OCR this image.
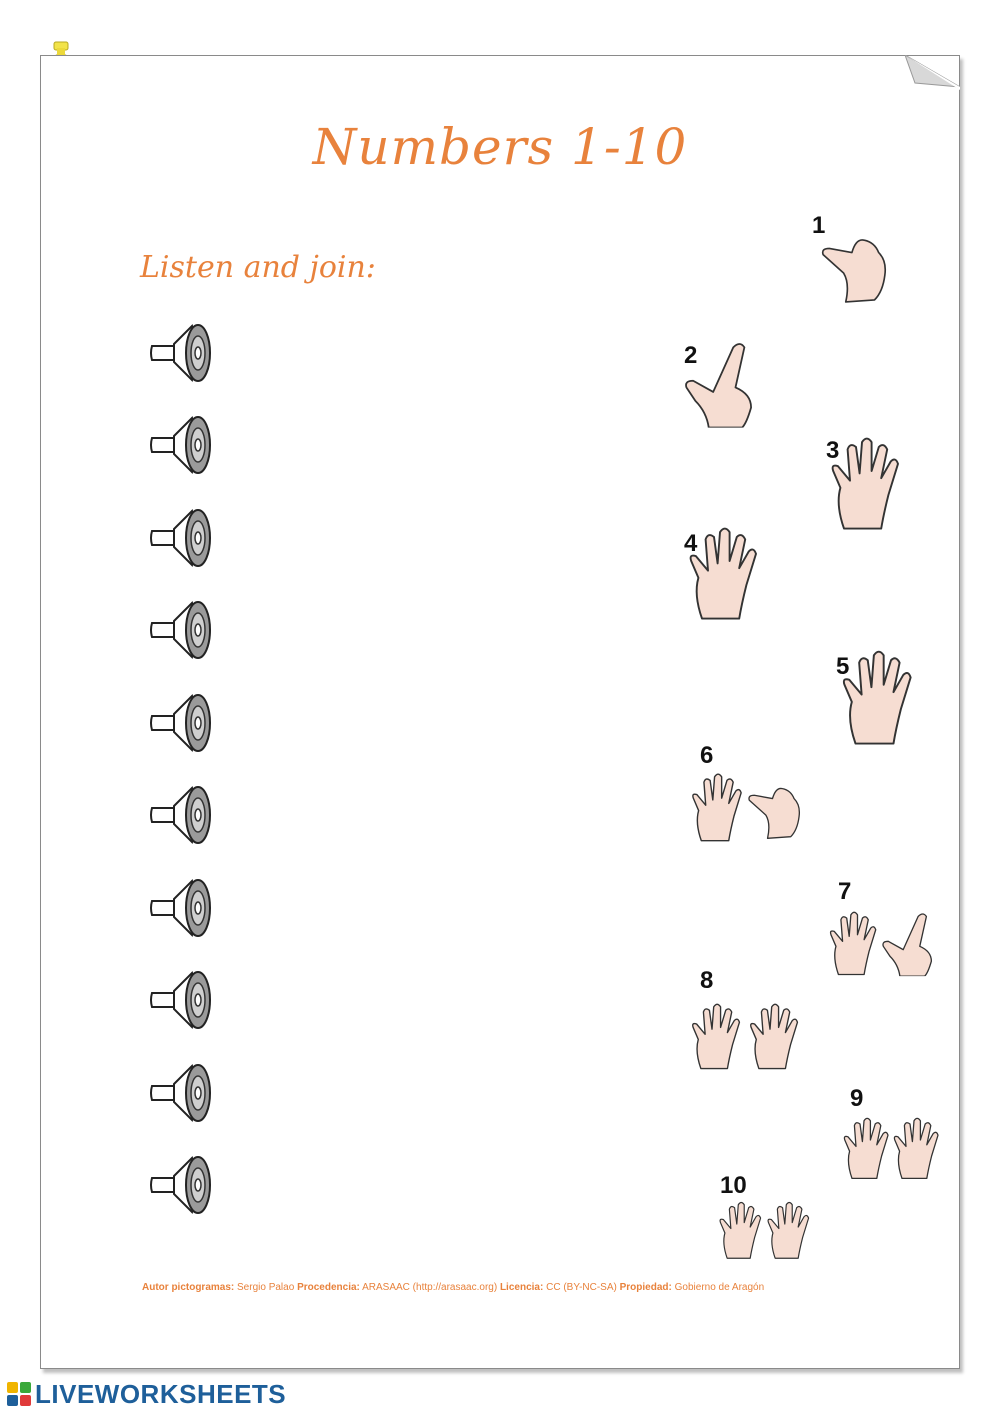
Numbers 1-10
Listen and join:
1
2
3
4
5
6
7
8
9
10
Autor pictogramas: Sergio Palao Procedencia: ARASAAC (http://arasaac.org) Licencia: CC (BY-NC-SA) Propiedad: Gobierno de Aragón
LIVEWORKSHEETS
